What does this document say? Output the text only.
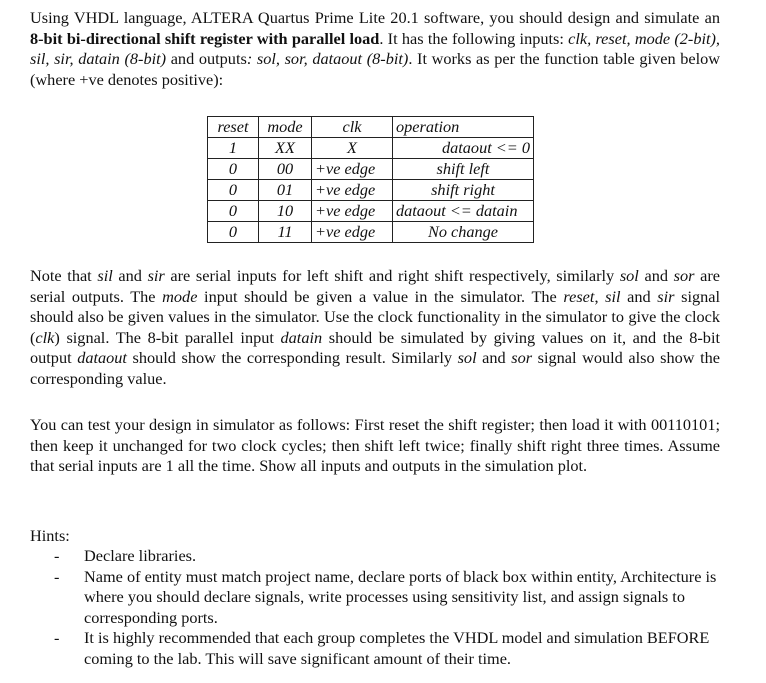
Using VHDL language, ALTERA Quartus Prime Lite 20.1 software, you should design and simulate an 8-bit bi-directional shift register with parallel load. It has the following inputs: clk, reset, mode (2-bit), sil, sir, datain (8-bit) and outputs: sol, sor, dataout (8-bit). It works as per the function table given below (where +ve denotes positive):

reset	mode	clk	operation
1	XX	X	dataout <= 0
0	00	+ve edge	shift left
0	01	+ve edge	shift right
0	10	+ve edge	dataout <= datain
0	11	+ve edge	No change

Note that sil and sir are serial inputs for left shift and right shift respectively, similarly sol and sor are serial outputs. The mode input should be given a value in the simulator. The reset, sil and sir signal should also be given values in the simulator. Use the clock functionality in the simulator to give the clock (clk) signal. The 8-bit parallel input datain should be simulated by giving values on it, and the 8-bit output dataout should show the corresponding result. Similarly sol and sor signal would also show the corresponding value.

You can test your design in simulator as follows: First reset the shift register; then load it with 00110101; then keep it unchanged for two clock cycles; then shift left twice; finally shift right three times. Assume that serial inputs are 1 all the time. Show all inputs and outputs in the simulation plot.

Hints:

- Declare libraries.
- Name of entity must match project name, declare ports of black box within entity, Architecture is where you should declare signals, write processes using sensitivity list, and assign signals to corresponding ports.
- It is highly recommended that each group completes the VHDL model and simulation BEFORE coming to the lab. This will save significant amount of their time.
